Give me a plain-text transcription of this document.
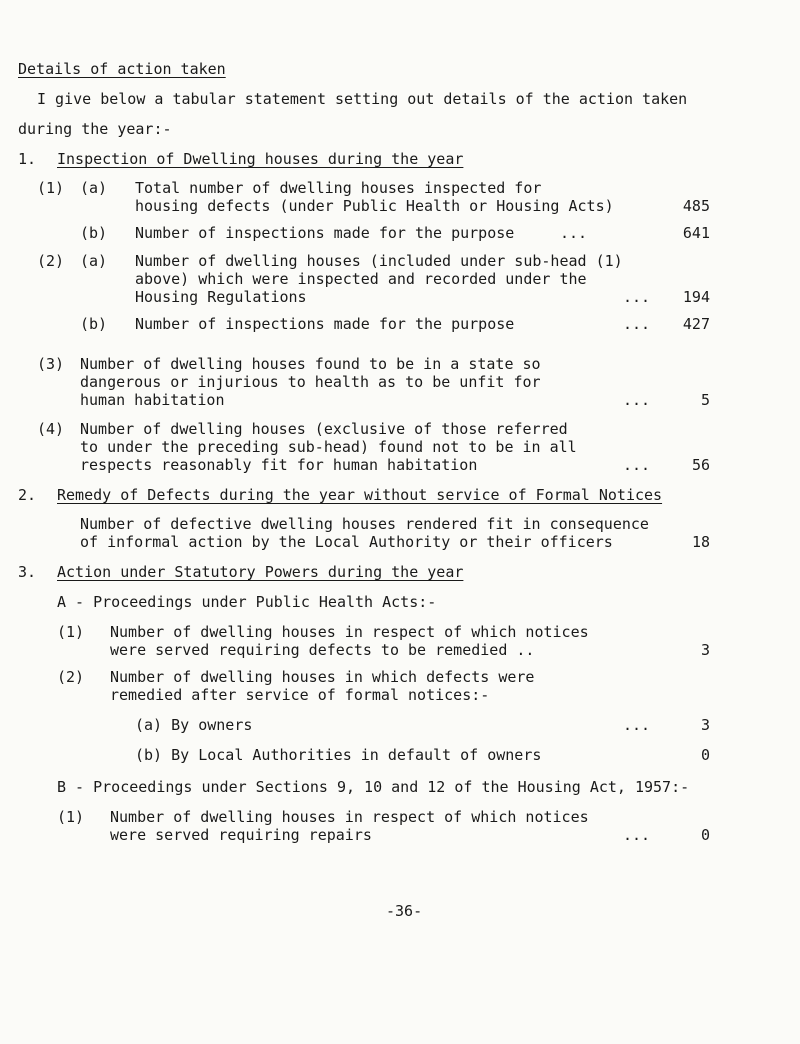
Details of action taken
I give below a tabular statement setting out details of the action taken
during the year:-
1. Inspection of Dwelling houses during the year
(1) (a) Total number of dwelling houses inspected for
housing defects (under Public Health or Housing Acts)	485
(b) Number of inspections made for the purpose	...	641
(2) (a) Number of dwelling houses (included under sub-head (1)
above) which were inspected and recorded under the
Housing Regulations	... 194
(b) Number of inspections made for the purpose	... 427
(3) Number of dwelling houses found to be in a state so
dangerous or injurious to health as to be unfit for
human habitation	...	5
(4) Number of dwelling houses (exclusive of those referred
to under the preceding sub-head) found not to be in all
respects reasonably fit for human habitation	...	56
2. Remedy of Defects during the year without service of Formal Notices
Number of defective dwelling houses rendered fit in consequence
of informal action by the Local Authority or their officers	18
3. Action under Statutory Powers during the year
A - Proceedings under Public Health Acts:-
(1) Number of dwelling houses in respect of which notices
were served requiring defects to be remedied ..	3
(2) Number of dwelling houses in which defects were
remedied after service of formal notices:-
(a) By owners	...	3
(b) By Local Authorities in default of owners	0
B - Proceedings under Sections 9, 10 and 12 of the Housing Act, 1957:-
(1) Number of dwelling houses in respect of which notices
were served requiring repairs	...	0
-36-
